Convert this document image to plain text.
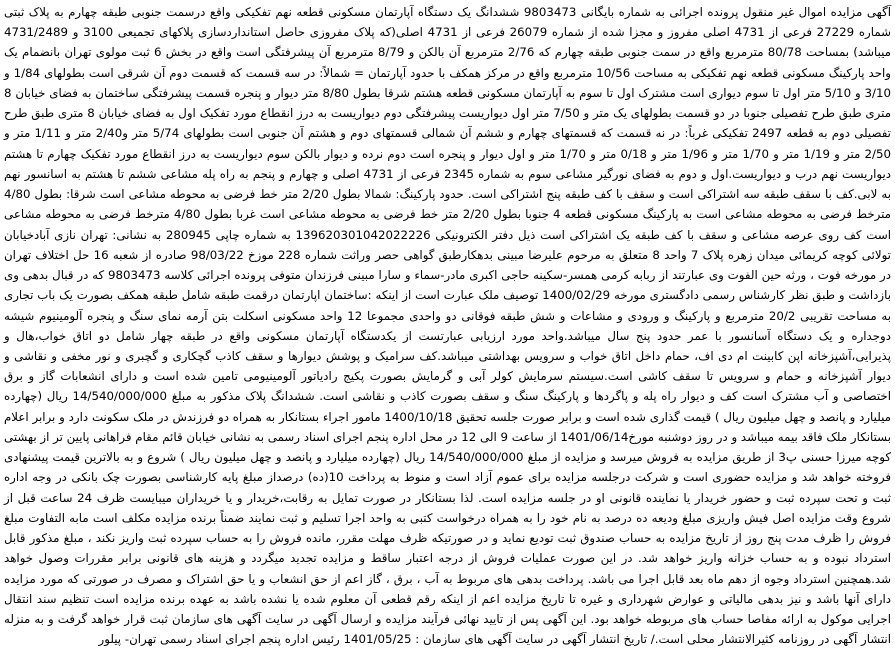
آگهی مزایده اموال غیر منقول پرونده اجرائی به شماره بایگانی 9803473 ششدانگ یک دستگاه آپارتمان مسکونی قطعه نهم تفکیکی واقع درسمت جنوبی طبقه چهارم به پلاک ثبتی شماره 27229 فرعی از 4731 اصلی مفروز و مجزا شده از شماره 26079 فرعی از 4731 اصلی(که پلاک مفروزی حاصل استانداردسازی پلاکهای تجمیعی 3100 و 4731/2489 میباشد) بمساحت 80/78 مترمربع واقع در سمت جنوبی طبقه چهارم که 2/76 مترمربع آن بالکن و 8/79 مترمربع آن پیشرفتگی است واقع در بخش 6 ثبت مولوی تهران بانضمام یک واحد پارکینگ مسکونی قطعه نهم تفکیکی به مساحت 10/56 مترمربع واقع در مرکز همکف با حدود آپارتمان = شمالاً: در سه قسمت که قسمت دوم آن شرقی است بطولهای 1/84 و 3/10 و 5/10 متر اول تا سوم دیواری است مشترک اول تا سوم به آپارتمان مسکونی قطعه هشتم شرقا بطول 8/80 متر دیوار و پنجره قسمت پیشرفتگی ساختمان به فضای خیابان 8 متری طبق طرح تفصیلی جنوبا در دو قسمت بطولهای یک متر و 7/50 متر اول دیواریست پیشرفتگی دوم دیواریست به درز انقطاع مورد تفکیک اول به فضای خیابان 8 متری طبق طرح تفصیلی دوم به قطعه 2497 تفکیکی غرباً: در نه قسمت که قسمتهای چهارم و ششم آن شمالی قسمتهای دوم و هشتم آن جنوبی است بطولهای 5/74 متر و2/40 متر و 1/11 متر و 2/50 متر و 1/19 متر و 1/70 متر و 1/96 متر و 0/18 متر و 1/70 متر و اول دیوار و پنجره است دوم نرده و دیوار بالکن سوم دیواریست به درز انقطاع مورد تفکیک چهارم تا هشتم دیواریست نهم درب و دیواریست.اول و دوم به فضای نورگیر مشاعی سوم به شماره 2345 فرعی از 4731 اصلی و چهارم و پنجم به راه پله مشاعی ششم تا هشتم به اسانسور نهم به لابی.کف با سقف طبقه سه اشتراکی است و سقف با کف طبقه پنج اشتراکی است. حدود پارکینگ: شمالا بطول 2/20 متر خط فرضی به محوطه مشاعی است شرقا: بطول 4/80 مترخط فرضی به محوطه مشاعی است به پارکینگ مسکونی قطعه 4 جنوبا بطول 2/20 متر خط فرضی به محوطه مشاعی است غربا بطول 4/80 مترخط فرضی به محوطه مشاعی است کف روی عرصه مشاعی و سقف با کف طبقه یک اشتراکی است ذیل دفتر الکترونیکی 139620301042022226 به شماره چاپی 280945 به نشانی: تهران نازی آبادخیابان تولائی کوچه کریمائی میدان زهره پلاک 7 واحد 8 متعلق به مرحوم علیرضا مبینی بدهکارطبق گواهی حصر وراثت شماره 228 موزخ 98/03/22 صادره از شعبه 16 حل اختلاف تهران در مورخه فوت ، ورثه حین الفوت وی عبارتند از ربابه کرمی همسر-سکینه حاجی اکبری مادر-سماء و سارا مبینی فرزندان متوفی پرونده اجرائی کلاسه 9803473 که در قبال بدهی وی بازداشت و طبق نظر کارشناس رسمی دادگستری مورخه 1400/02/29 توصیف ملک عبارت است از اینکه :ساختمان اپارتمان درقمت طبقه شامل طبقه همکف بصورت یک باب تجاری به مساحت تقریبی 20/2 مترمربع و پارکینگ و ورودی و مشاعات و شش طبقه فوقانی دو واحدی مجموعا 12 واحد مسکونی اسکلت بتن آرمه نمای سنگ و پنجره آلومینیوم شیشه دوجداره و یک دستگاه آسانسور با عمر حدود پنج سال میباشد.واحد مورد ارزیابی عبارتست از یکدستگاه آپارتمان مسکونی واقع در طبقه چهار شامل دو اتاق خواب،هال و پذیرایی،آشپزخانه اپن کابینت ام دی اف، حمام داخل اتاق خواب و سرویس بهداشتی میباشد.کف سرامیک و پوشش دیوارها و سقف کاذب گچکاری و گچبری و نور مخفی و نقاشی و دیوار آشپزخانه و حمام و سرویس تا سقف کاشی است.سیستم سرمایش کولر آبی و گرمایش بصورت پکیج رادیاتور آلومینیومی تامین شده است و دارای انشعابات گاز و برق اختصاصی و آب مشترک است کف و دیوار راه پله و پاگردها و پارکینگ سنگ و سقف بصورت کاذب و نقاشی است. ششدانگ پلاک مذکور به مبلغ 14/540/000/000 ریال (چهارده میلیارد و پانصد و چهل میلیون ریال ) قیمت گذاری شده است و برابر صورت جلسه تحقیق 1400/10/18 مامور اجراء بستانکار به همراه دو فرزندش در ملک سکونت دارد و برابر اعلام بستانکار ملک فاقد بیمه میباشد و در روز دوشنبه مورخ1401/06/14 از ساعت 9 الی 12 در محل اداره پنجم اجرای اسناد رسمی به نشانی خیابان قائم مقام فراهانی پایین تر از بهشتی کوچه میرزا حسنی پ3 از طریق مزایده به فروش میرسد و مزایده از مبلغ 14/540/000/000 ریال (چهارده میلیارد و پانصد و چهل میلیون ریال ) شروع و به بالاترین قیمت پیشنهادی فروخته خواهد شد و مزایده حضوری است و شرکت درجلسه مزایده برای عموم آزاد است و منوط به پرداخت 10(ده) درصداز مبلغ پایه کارشناسی بصورت چک بانکی در وجه اداره ثبت و تحت سپرده ثبت و حضور خریدار یا نماینده قانونی او در جلسه مزایده است. لذا بستانکار در صورت تمایل به رقابت،خریدار و یا خریداران میبایست ظرف 24 ساعت قبل از شروع وقت مزایده اصل فیش واریزی مبلغ ودیعه ده درصد به نام خود را به همراه درخواست کتبی به واحد اجرا تسلیم و ثبت نمایند ضمناً برنده مزایده مکلف است مابه التفاوت مبلغ فروش را ظرف مدت پنج روز از تاریخ مزایده به حساب صندوق ثبت تودیع نماید و در صورتیکه ظرف مهلت مقرر، مانده فروش را به حساب سپرده ثبت واریز نکند ، مبلغ مذکور قابل استرداد نبوده و به حساب خزانه واریز خواهد شد. در این صورت عملیات فروش از درجه اعتبار ساقط و مزایده تجدید میگردد و هزینه های قانونی برابر مقررات وصول خواهد شد.همچنین استرداد وجوه از دهم ماه بعد قابل اجرا می باشد. پرداخت بدهی های مربوط به آب ، برق ، گاز اعم از حق انشعاب و یا حق اشتراک و مصرف در صورتی که مورد مزایده دارای آنها باشد و نیز بدهی مالیاتی و عوارض شهرداری و غیره تا تاریخ مزایده اعم از اینکه رقم قطعی آن معلوم شده یا نشده باشد به عهده برنده مزایده است تنظیم سند انتقال اجرایی موکول به ارائه مفاصا حساب های مربوطه خواهد بود. این آگهی پس از تایید نهائی فرآیند مزایده و ارسال آگهی در سایت آگهی های سازمان ثبت قرار خواهد گرفت و به منزله انتشار آگهی در روزنامه کثیرالانتشار محلی است./ تاریخ انتشار آگهی در سایت آگهی های سازمان : 1401/05/25 رئیس اداره پنجم اجرای اسناد رسمی تهران- پیلور
